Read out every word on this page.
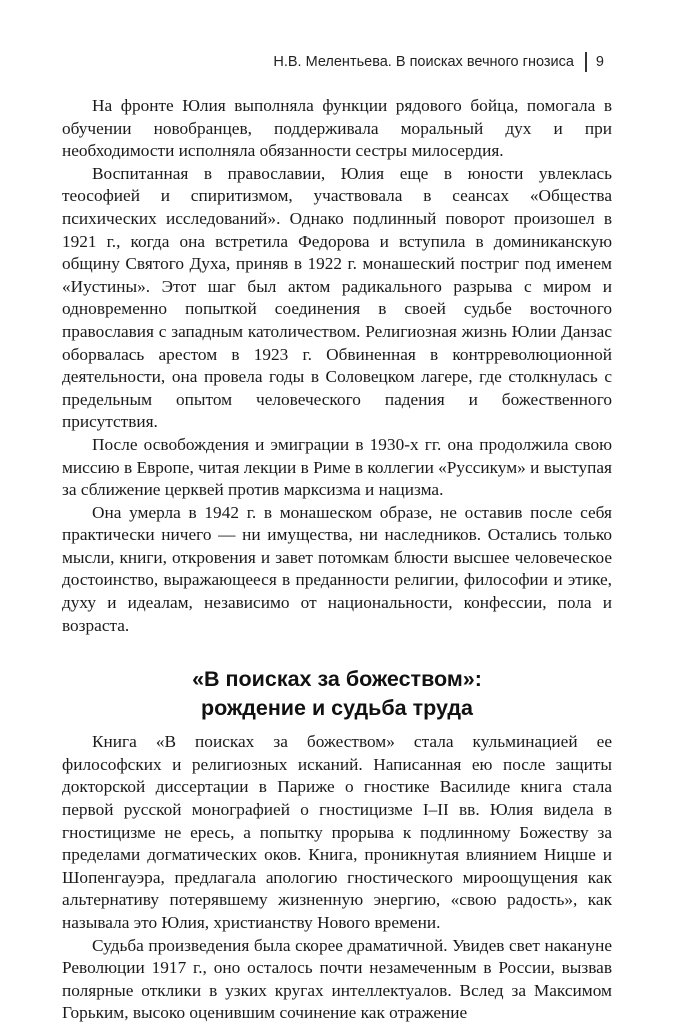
Н.В. Мелентьева. В поисках вечного гнозиса 9

На фронте Юлия выполняла функции рядового бойца, помогала в обучении новобранцев, поддерживала моральный дух и при необходимости исполняла обязанности сестры милосердия.

Воспитанная в православии, Юлия еще в юности увлеклась теософией и спиритизмом, участвовала в сеансах «Общества психических исследований». Однако подлинный поворот произошел в 1921 г., когда она встретила Федорова и вступила в доминиканскую общину Святого Духа, приняв в 1922 г. монашеский постриг под именем «Иустины». Этот шаг был актом радикального разрыва с миром и одновременно попыткой соединения в своей судьбе восточного православия с западным католичеством. Религиозная жизнь Юлии Данзас оборвалась арестом в 1923 г. Обвиненная в контрреволюционной деятельности, она провела годы в Соловецком лагере, где столкнулась с предельным опытом человеческого падения и божественного присутствия.

После освобождения и эмиграции в 1930-х гг. она продолжила свою миссию в Европе, читая лекции в Риме в коллегии «Руссикум» и выступая за сближение церквей против марксизма и нацизма.

Она умерла в 1942 г. в монашеском образе, не оставив после себя практически ничего — ни имущества, ни наследников. Остались только мысли, книги, откровения и завет потомкам блюсти высшее человеческое достоинство, выражающееся в преданности религии, философии и этике, духу и идеалам, независимо от национальности, конфессии, пола и возраста.

«В поисках за божеством»:
рождение и судьба труда

Книга «В поисках за божеством» стала кульминацией ее философских и религиозных исканий. Написанная ею после защиты докторской диссертации в Париже о гностике Василиде книга стала первой русской монографией о гностицизме I–II вв. Юлия видела в гностицизме не ересь, а попытку прорыва к подлинному Божеству за пределами догматических оков. Книга, проникнутая влиянием Ницше и Шопенгауэра, предлагала апологию гностического мироощущения как альтернативу потерявшему жизненную энергию, «свою радость», как называла это Юлия, христианству Нового времени.

Судьба произведения была скорее драматичной. Увидев свет накануне Революции 1917 г., оно осталось почти незамеченным в России, вызвав полярные отклики в узких кругах интеллектуалов. Вслед за Максимом Горьким, высоко оценившим сочинение как отражение
